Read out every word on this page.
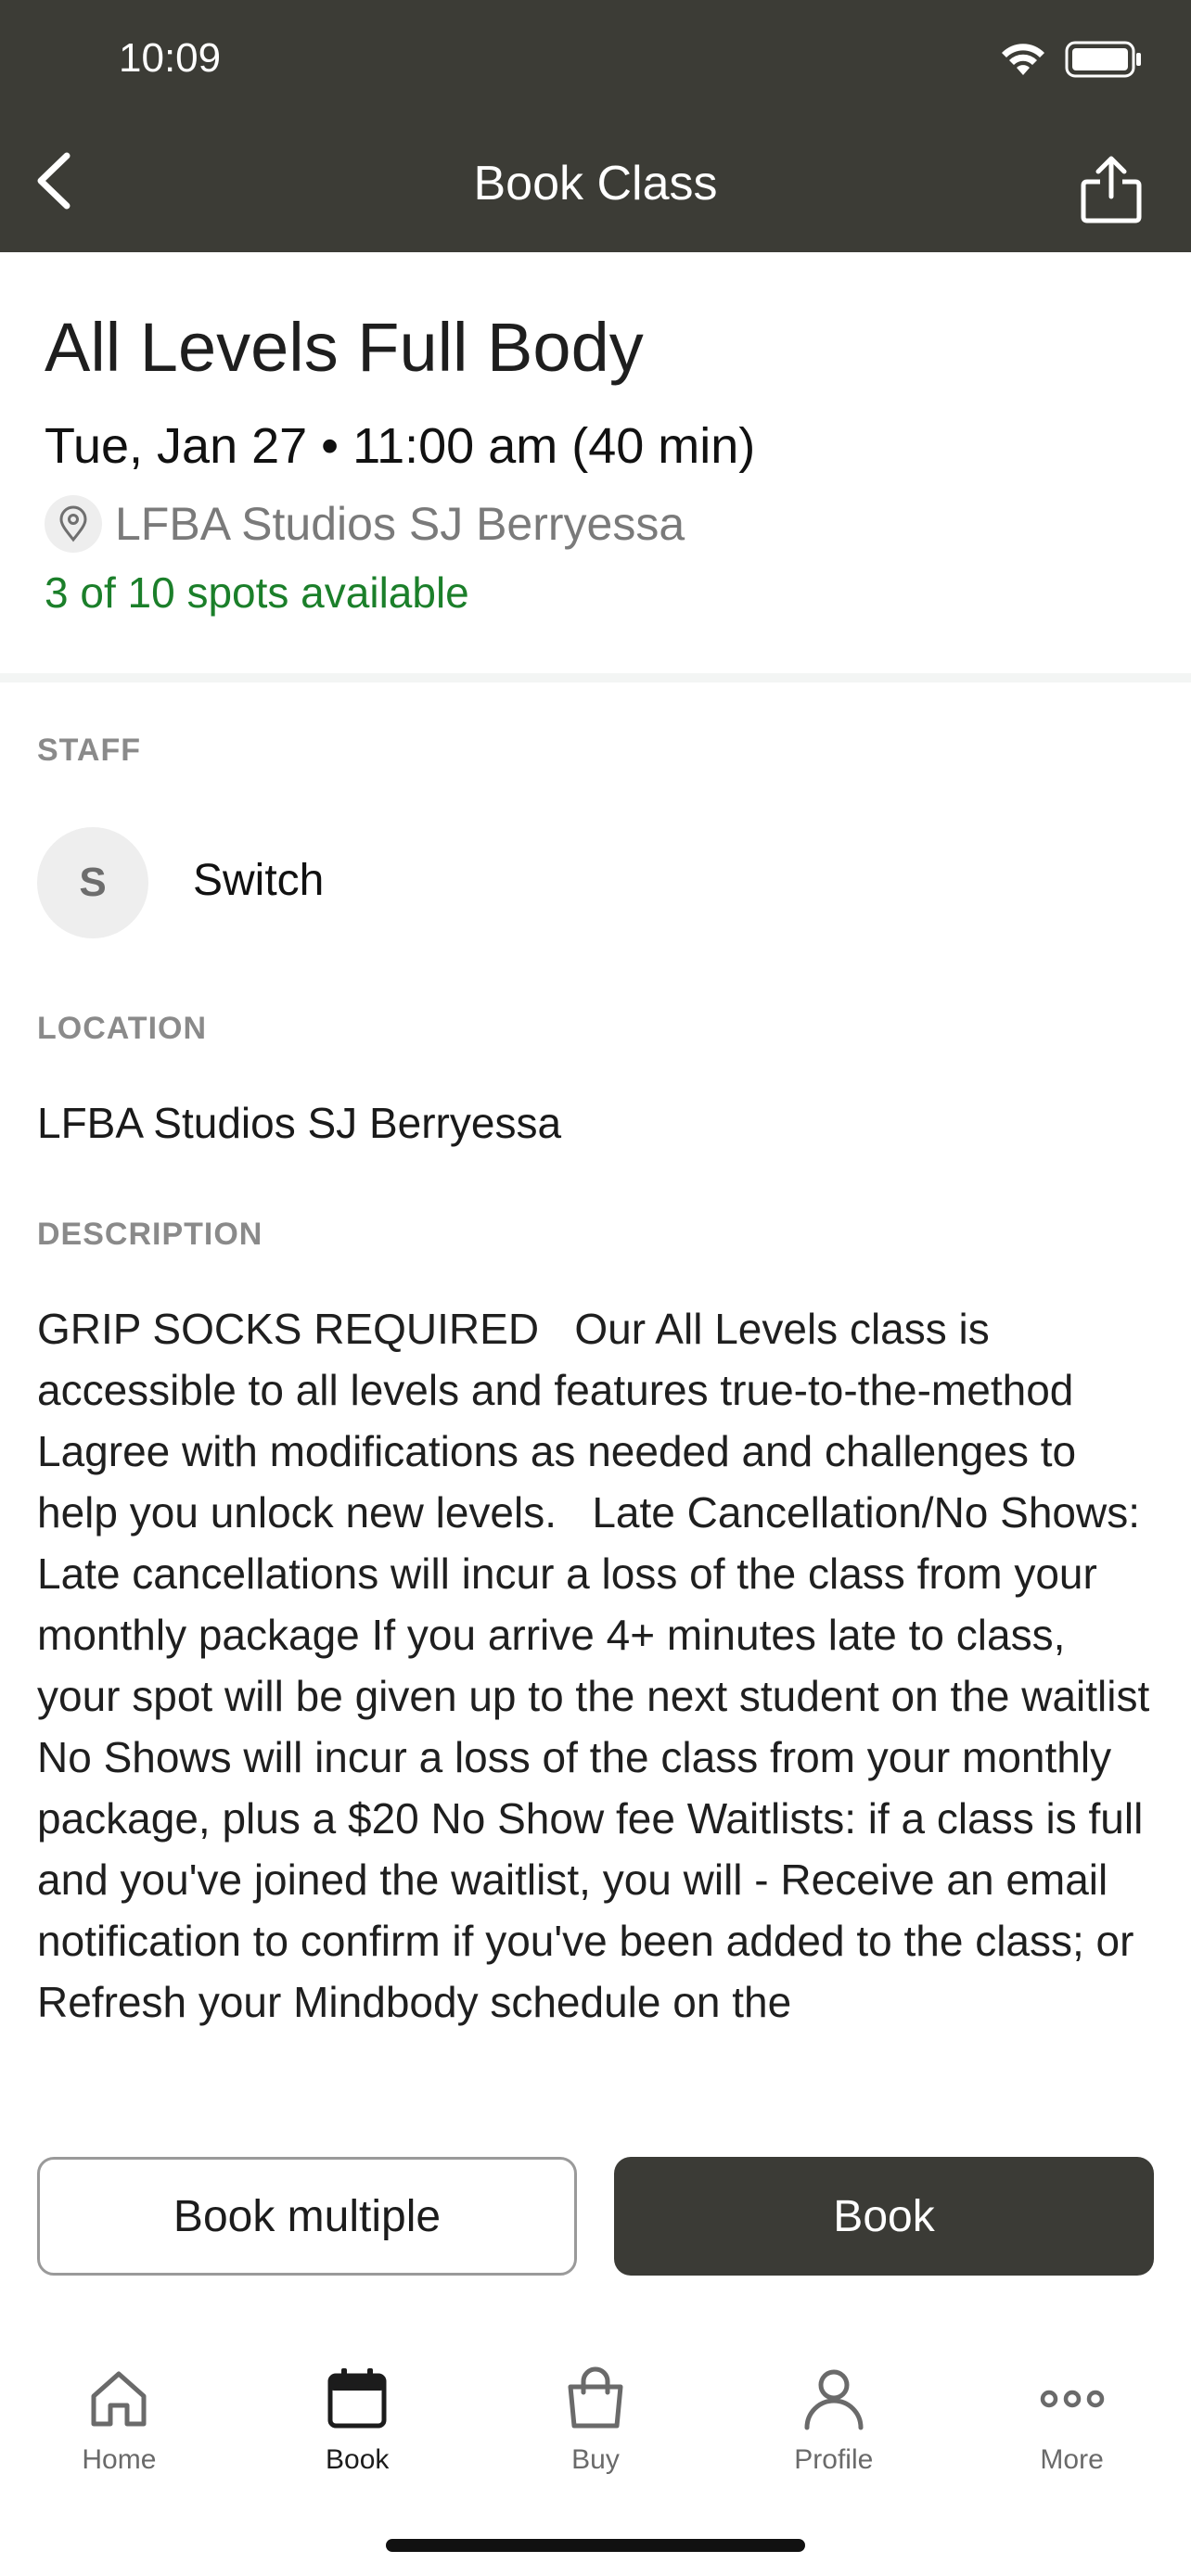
10:09
Book Class
All Levels Full Body
Tue, Jan 27 • 11:00 am (40 min)
LFBA Studios SJ Berryessa
3 of 10 spots available
STAFF
S	Switch
LOCATION
LFBA Studios SJ Berryessa
DESCRIPTION
GRIP SOCKS REQUIRED   Our All Levels class is accessible to all levels and features true-to-the-method Lagree with modifications as needed and challenges to help you unlock new levels.   Late Cancellation/No Shows: Late cancellations will incur a loss of the class from your monthly package If you arrive 4+ minutes late to class, your spot will be given up to the next student on the waitlist No Shows will incur a loss of the class from your monthly package, plus a $20 No Show fee Waitlists: if a class is full and you've joined the waitlist, you will - Receive an email notification to confirm if you've been added to the class; or Refresh your Mindbody schedule on the
Book multiple	Book
Home	Book	Buy	Profile	More
